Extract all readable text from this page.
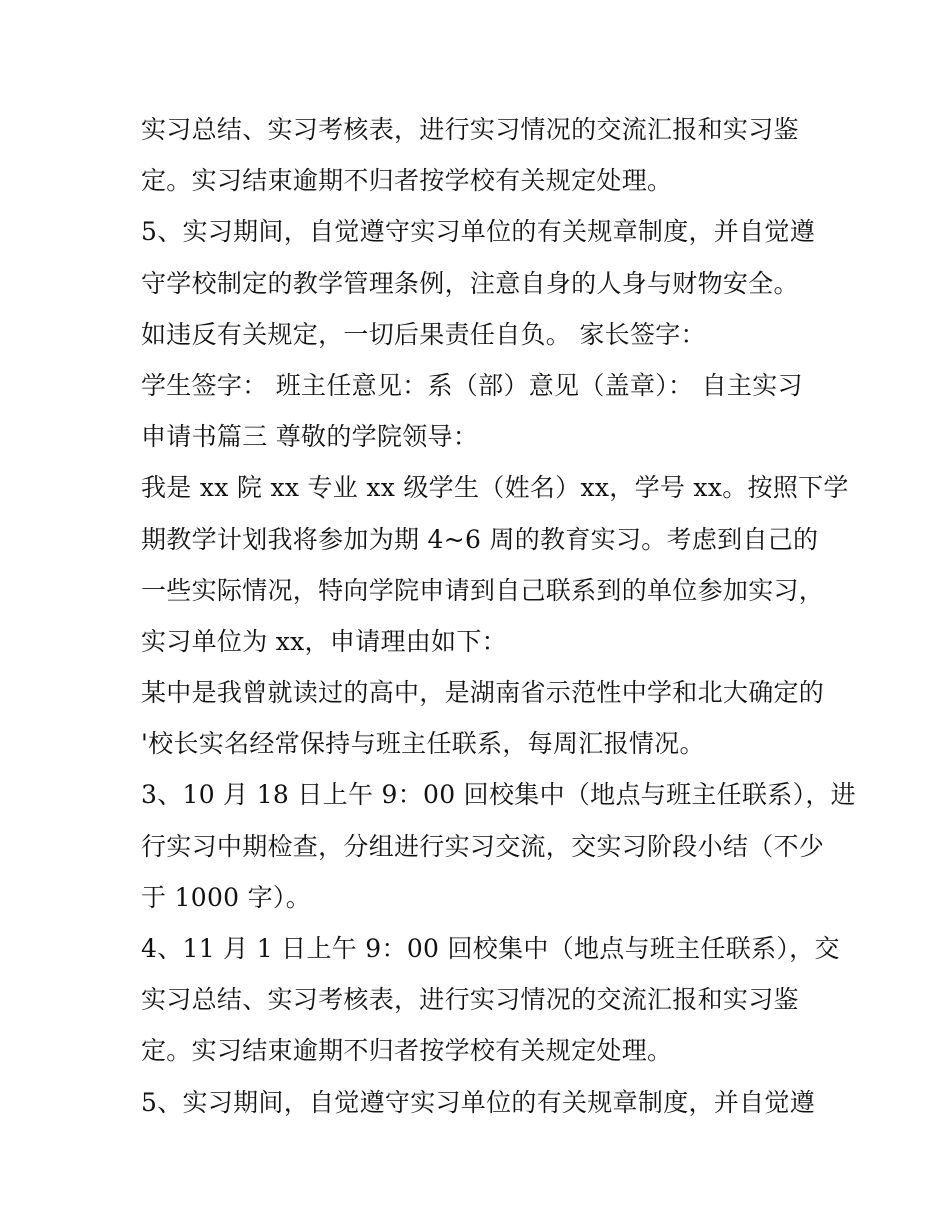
实习总结、实习考核表，进行实习情况的交流汇报和实习鉴
定。实习结束逾期不归者按学校有关规定处理。
5、实习期间，自觉遵守实习单位的有关规章制度，并自觉遵
守学校制定的教学管理条例，注意自身的人身与财物安全。
如违反有关规定，一切后果责任自负。 家长签字：
学生签字： 班主任意见：系（部）意见（盖章）： 自主实习
申请书篇三 尊敬的学院领导：
我是 xx 院 xx 专业 xx 级学生（姓名）xx，学号 xx。按照下学
期教学计划我将参加为期 4~6 周的教育实习。考虑到自己的
一些实际情况，特向学院申请到自己联系到的单位参加实习，
实习单位为 xx，申请理由如下：
某中是我曾就读过的高中，是湖南省示范性中学和北大确定的
'校长实名经常保持与班主任联系，每周汇报情况。
3、10 月 18 日上午 9：00 回校集中（地点与班主任联系），进
行实习中期检查，分组进行实习交流，交实习阶段小结（不少
于 1000 字）。
4、11 月 1 日上午 9：00 回校集中（地点与班主任联系），交
实习总结、实习考核表，进行实习情况的交流汇报和实习鉴
定。实习结束逾期不归者按学校有关规定处理。
5、实习期间，自觉遵守实习单位的有关规章制度，并自觉遵
